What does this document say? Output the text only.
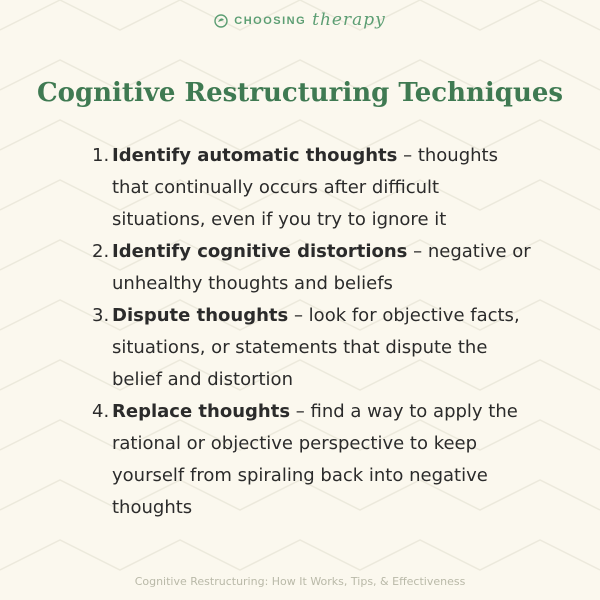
CHOOSING therapy
Cognitive Restructuring Techniques
1. Identify automatic thoughts – thoughts that continually occurs after difficult situations, even if you try to ignore it
2. Identify cognitive distortions – negative or unhealthy thoughts and beliefs
3. Dispute thoughts – look for objective facts, situations, or statements that dispute the belief and distortion
4. Replace thoughts – find a way to apply the rational or objective perspective to keep yourself from spiraling back into negative thoughts
Cognitive Restructuring: How It Works, Tips, & Effectiveness
